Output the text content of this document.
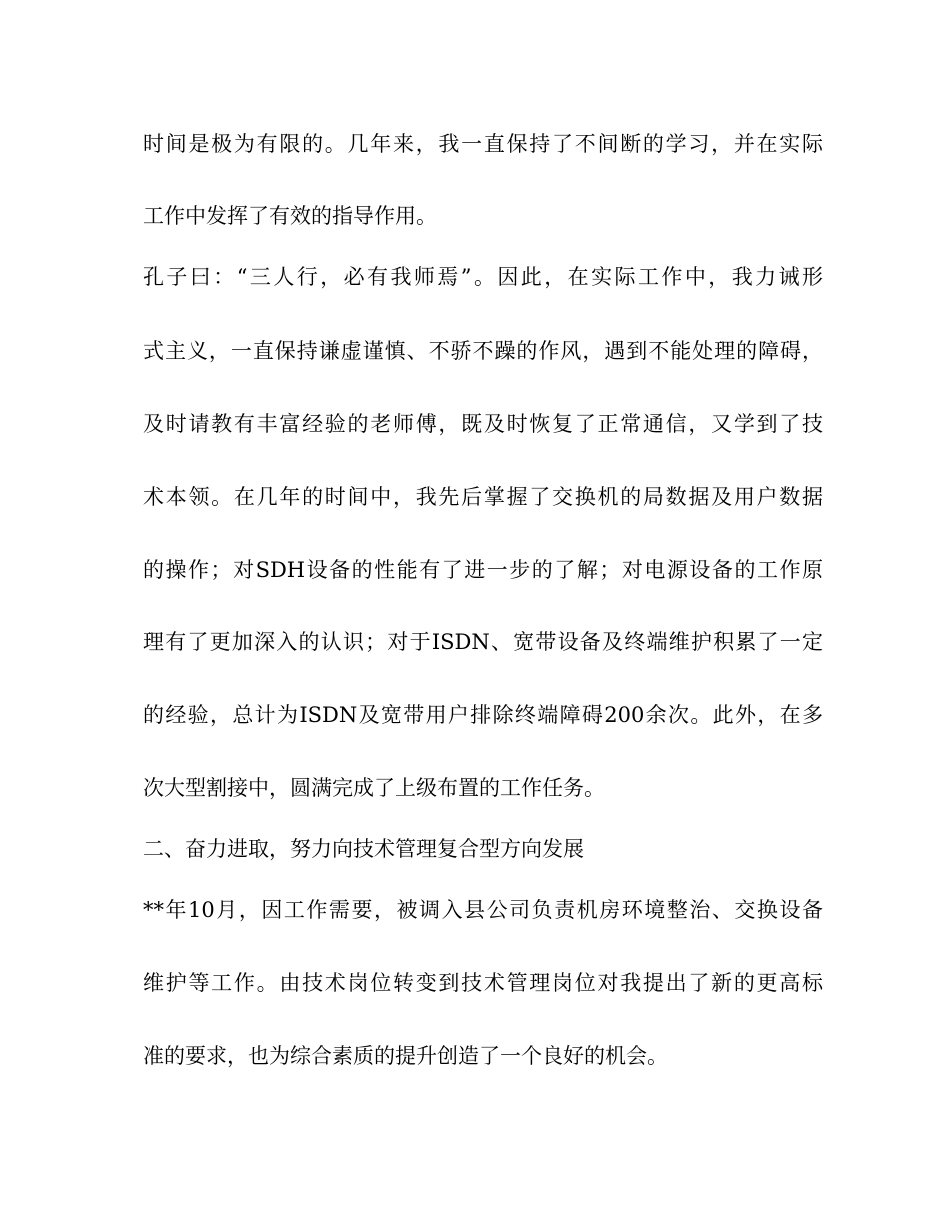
时间是极为有限的。几年来，我一直保持了不间断的学习，并在实际
工作中发挥了有效的指导作用。
孔子曰：“三人行，必有我师焉”。因此，在实际工作中，我力诫形
式主义，一直保持谦虚谨慎、不骄不躁的作风，遇到不能处理的障碍，
及时请教有丰富经验的老师傅，既及时恢复了正常通信，又学到了技
术本领。在几年的时间中，我先后掌握了交换机的局数据及用户数据
的操作；对SDH设备的性能有了进一步的了解；对电源设备的工作原
理有了更加深入的认识；对于ISDN、宽带设备及终端维护积累了一定
的经验，总计为ISDN及宽带用户排除终端障碍200余次。此外，在多
次大型割接中，圆满完成了上级布置的工作任务。
二、奋力进取，努力向技术管理复合型方向发展
**年10月，因工作需要，被调入县公司负责机房环境整治、交换设备
维护等工作。由技术岗位转变到技术管理岗位对我提出了新的更高标
准的要求，也为综合素质的提升创造了一个良好的机会。
